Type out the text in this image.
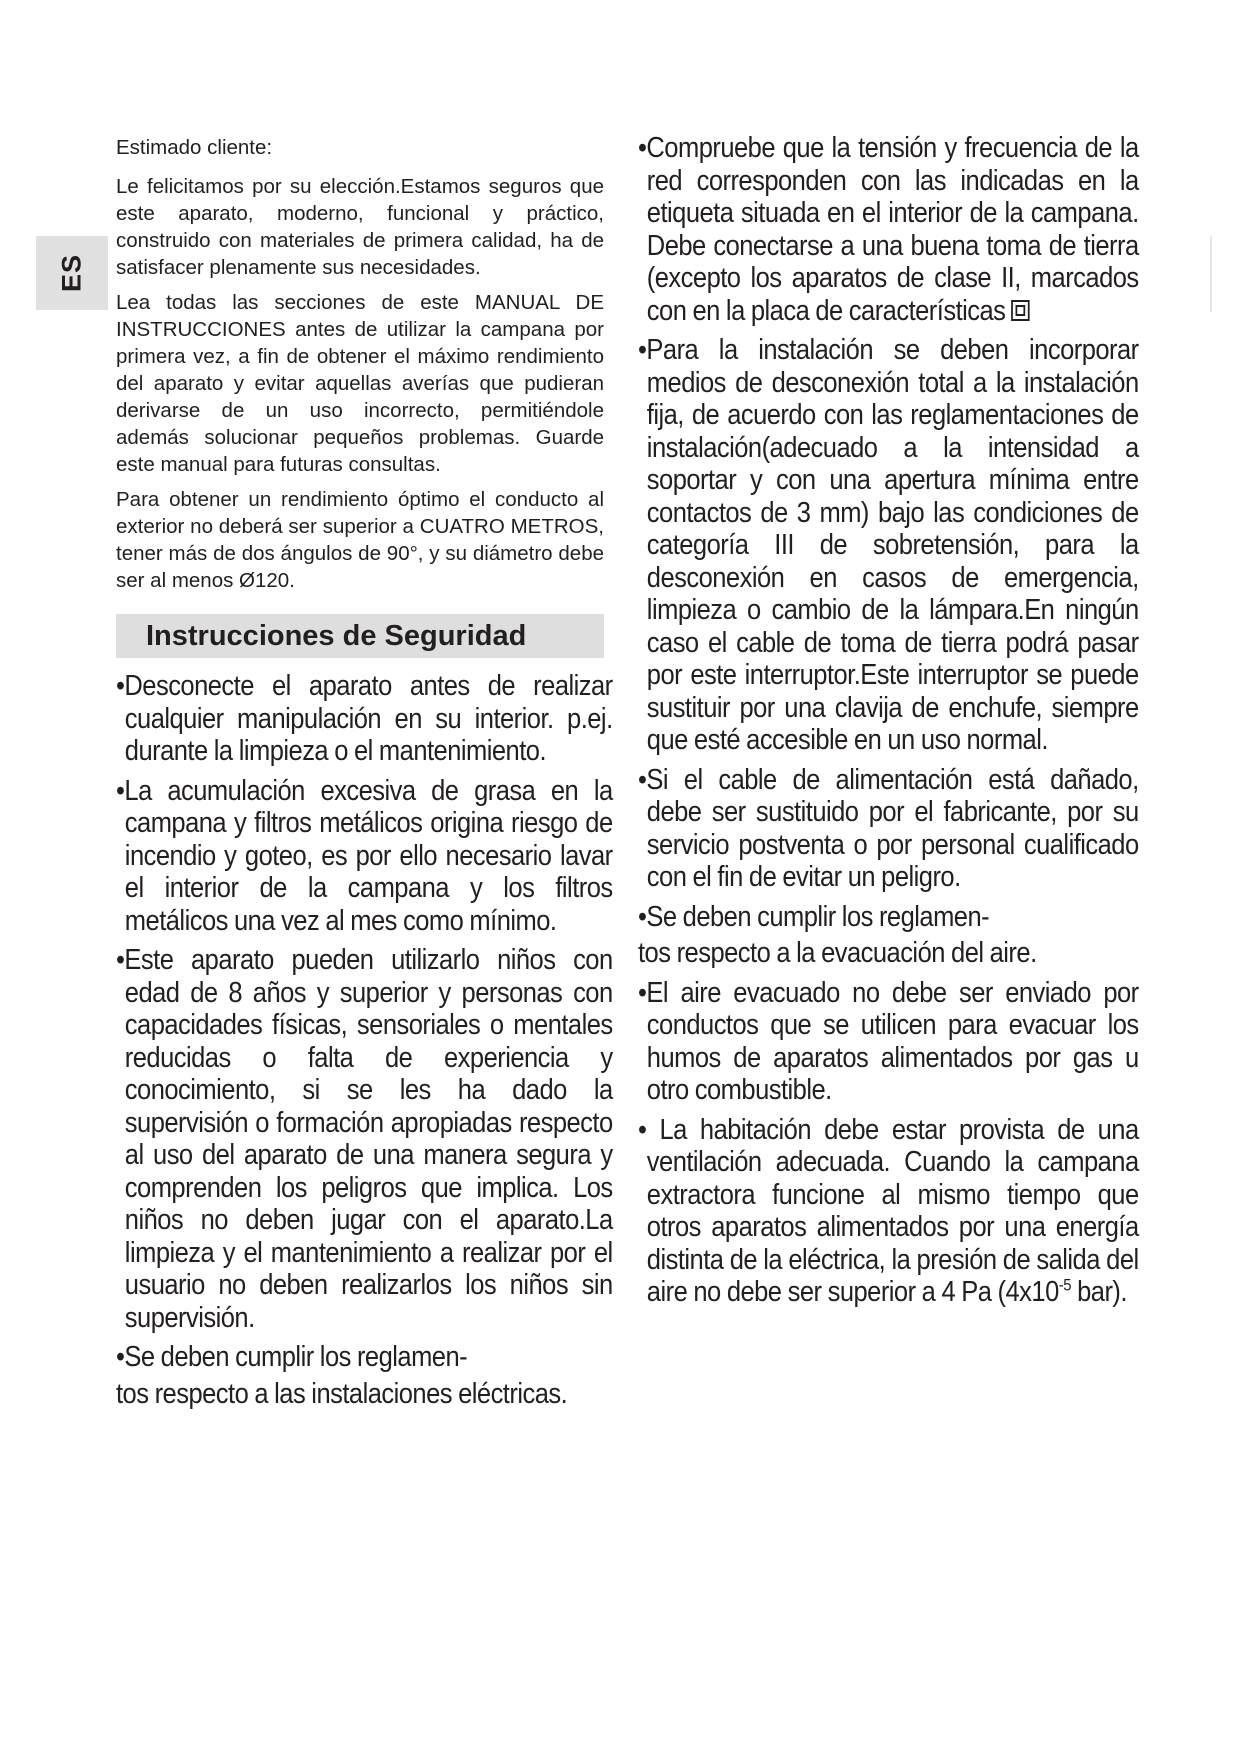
ES

Estimado cliente:

Le felicitamos por su elección.Estamos seguros que este aparato, moderno, funcional y práctico, construido con materiales de primera calidad, ha de satisfacer plenamente sus necesidades.

Lea todas las secciones de este MANUAL DE INSTRUCCIONES antes de utilizar la campana por primera vez, a fin de obtener el máximo rendimiento del aparato y evitar aquellas averías que pudieran derivarse de un uso incorrecto, permitiéndole además solucionar pequeños problemas. Guarde este manual para futuras consultas.

Para obtener un rendimiento óptimo el conducto al exterior no deberá ser superior a CUATRO METROS, tener más de dos ángulos de 90°, y su diámetro debe ser al menos Ø120.

Instrucciones de Seguridad

•Desconecte el aparato antes de realizar cualquier manipulación en su interior. p.ej. durante la limpieza o el mantenimiento.

•La acumulación excesiva de grasa en la campana y filtros metálicos origina riesgo de incendio y goteo, es por ello necesario lavar el interior de la campana y los filtros metálicos una vez al mes como mínimo.

•Este aparato pueden utilizarlo niños con edad de 8 años y superior y personas con capacidades físicas, sensoriales o mentales reducidas o falta de experiencia y conocimiento, si se les ha dado la supervisión o formación apropiadas respecto al uso del aparato de una manera segura y comprenden los peligros que implica. Los niños no deben jugar con el aparato.La limpieza y el mantenimiento a realizar por el usuario no deben realizarlos los niños sin supervisión.

•Se deben cumplir los reglamen-

tos respecto a las instalaciones eléctricas.

•Compruebe que la tensión y frecuencia de la red corresponden con las indicadas en la etiqueta situada en el interior de la campana. Debe conectarse a una buena toma de tierra (excepto los aparatos de clase II, marcados con en la placa de características

•Para la instalación se deben incorporar medios de desconexión total a la instalación fija, de acuerdo con las reglamentaciones de instalación(adecuado a la intensidad a soportar y con una apertura mínima entre contactos de 3 mm) bajo las condiciones de categoría III de sobretensión, para la desconexión en casos de emergencia, limpieza o cambio de la lámpara.En ningún caso el cable de toma de tierra podrá pasar por este interruptor.Este interruptor se puede sustituir por una clavija de enchufe, siempre que esté accesible en un uso normal.

•Si el cable de alimentación está dañado, debe ser sustituido por el fabricante, por su servicio postventa o por personal cualificado con el fin de evitar un peligro.

•Se deben cumplir los reglamen-

tos respecto a la evacuación del aire.

•El aire evacuado no debe ser enviado por conductos que se utilicen para evacuar los humos de aparatos alimentados por gas u otro combustible.

• La habitación debe estar provista de una ventilación adecuada. Cuando la campana extractora funcione al mismo tiempo que otros aparatos alimentados por una energía distinta de la eléctrica, la presión de salida del aire no debe ser superior a 4 Pa ($4x10^{-5}$ bar).
